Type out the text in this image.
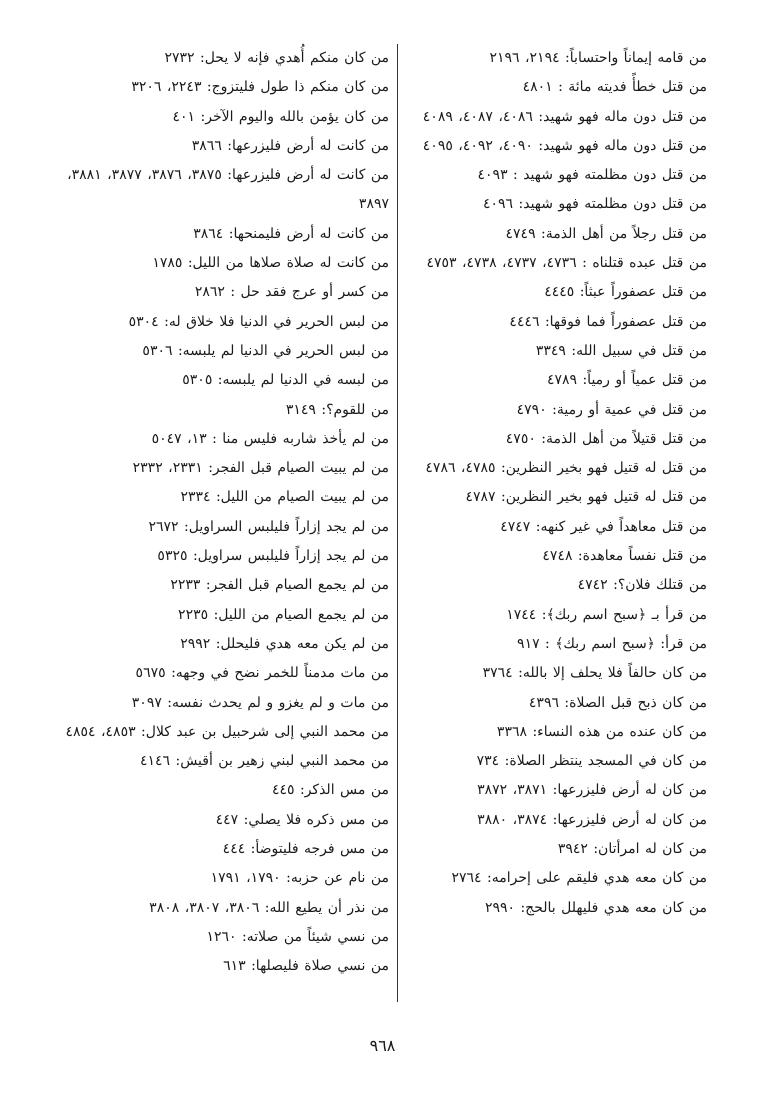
من قامه إيماناً واحتساباً: ٢١٩٤، ٢١٩٦

من قتل خطأً فديته مائة : ٤٨٠١

من قتل دون ماله فهو شهيد: ٤٠٨٦، ٤٠٨٧، ٤٠٨٩

من قتل دون ماله فهو شهيد: ٤٠٩٠، ٤٠٩٢، ٤٠٩٥

من قتل دون مظلمته فهو شهيد : ٤٠٩٣

من قتل دون مظلمته فهو شهيد: ٤٠٩٦

من قتل رجلاً من أهل الذمة: ٤٧٤٩

من قتل عبده قتلناه : ٤٧٣٦، ٤٧٣٧، ٤٧٣٨، ٤٧٥٣

من قتل عصفوراً عبثاً: ٤٤٤٥

من قتل عصفوراً فما فوقها: ٤٤٤٦

من قتل في سبيل الله: ٣٣٤٩

من قتل عمياً أو رمياً: ٤٧٨٩

من قتل في عمية أو رمية: ٤٧٩٠

من قتل قتيلاً من أهل الذمة: ٤٧٥٠

من قتل له قتيل فهو بخير النظرين: ٤٧٨٥، ٤٧٨٦

من قتل له قتيل فهو بخير النظرين: ٤٧٨٧

من قتل معاهداً في غير كنهه: ٤٧٤٧

من قتل نفساً معاهدة: ٤٧٤٨

من قتلك فلان؟: ٤٧٤٢

من قرأ بـ ﴿سبح اسم ربك﴾: ١٧٤٤

من قرأ: ﴿سبح اسم ربك﴾ : ٩١٧

من كان حالفاً فلا يحلف إلا بالله: ٣٧٦٤

من كان ذبح قبل الصلاة: ٤٣٩٦

من كان عنده من هذه النساء: ٣٣٦٨

من كان في المسجد ينتظر الصلاة: ٧٣٤

من كان له أرض فليزرعها: ٣٨٧١، ٣٨٧٢

من كان له أرض فليزرعها: ٣٨٧٤، ٣٨٨٠

من كان له امرأتان: ٣٩٤٢

من كان معه هدي فليقم على إحرامه: ٢٧٦٤

من كان معه هدي فليهلل بالحج: ٢٩٩٠

من كان منكم أُهدي فإنه لا يحل: ٢٧٣٢

من كان منكم ذا طول فليتزوج: ٢٢٤٣، ٣٢٠٦

من كان يؤمن بالله واليوم الآخر: ٤٠١

من كانت له أرض فليزرعها: ٣٨٦٦

من كانت له أرض فليزرعها: ٣٨٧٥، ٣٨٧٦، ٣٨٧٧، ٣٨٨١، ٣٨٩٧

من كانت له أرض فليمنحها: ٣٨٦٤

من كانت له صلاة صلاها من الليل: ١٧٨٥

من كسر أو عرج فقد حل : ٢٨٦٢

من لبس الحرير في الدنيا فلا خلاق له: ٥٣٠٤

من لبس الحرير في الدنيا لم يلبسه: ٥٣٠٦

من لبسه في الدنيا لم يلبسه: ٥٣٠٥

من للقوم؟: ٣١٤٩

من لم يأخذ شاربه فليس منا : ١٣، ٥٠٤٧

من لم يبيت الصيام قبل الفجر: ٢٣٣١، ٢٣٣٢

من لم يبيت الصيام من الليل: ٢٣٣٤

من لم يجد إزاراً فليلبس السراويل: ٢٦٧٢

من لم يجد إزاراً فليلبس سراويل: ٥٣٢٥

من لم يجمع الصيام قبل الفجر: ٢٢٣٣

من لم يجمع الصيام من الليل: ٢٢٣٥

من لم يكن معه هدي فليحلل: ٢٩٩٢

من مات مدمناً للخمر نضح في وجهه: ٥٦٧٥

من مات و لم يغزو و لم يحدث نفسه: ٣٠٩٧

من محمد النبي إلى شرحبيل بن عبد كلال: ٤٨٥٣، ٤٨٥٤

من محمد النبي لبني زهير بن أقيش: ٤١٤٦

من مس الذكر: ٤٤٥

من مس ذكره فلا يصلي: ٤٤٧

من مس فرجه فليتوضأ: ٤٤٤

من نام عن حزبه: ١٧٩٠، ١٧٩١

من نذر أن يطيع الله: ٣٨٠٦، ٣٨٠٧، ٣٨٠٨

من نسي شيئاً من صلاته: ١٢٦٠

من نسي صلاة فليصلها: ٦١٣

٩٦٨
